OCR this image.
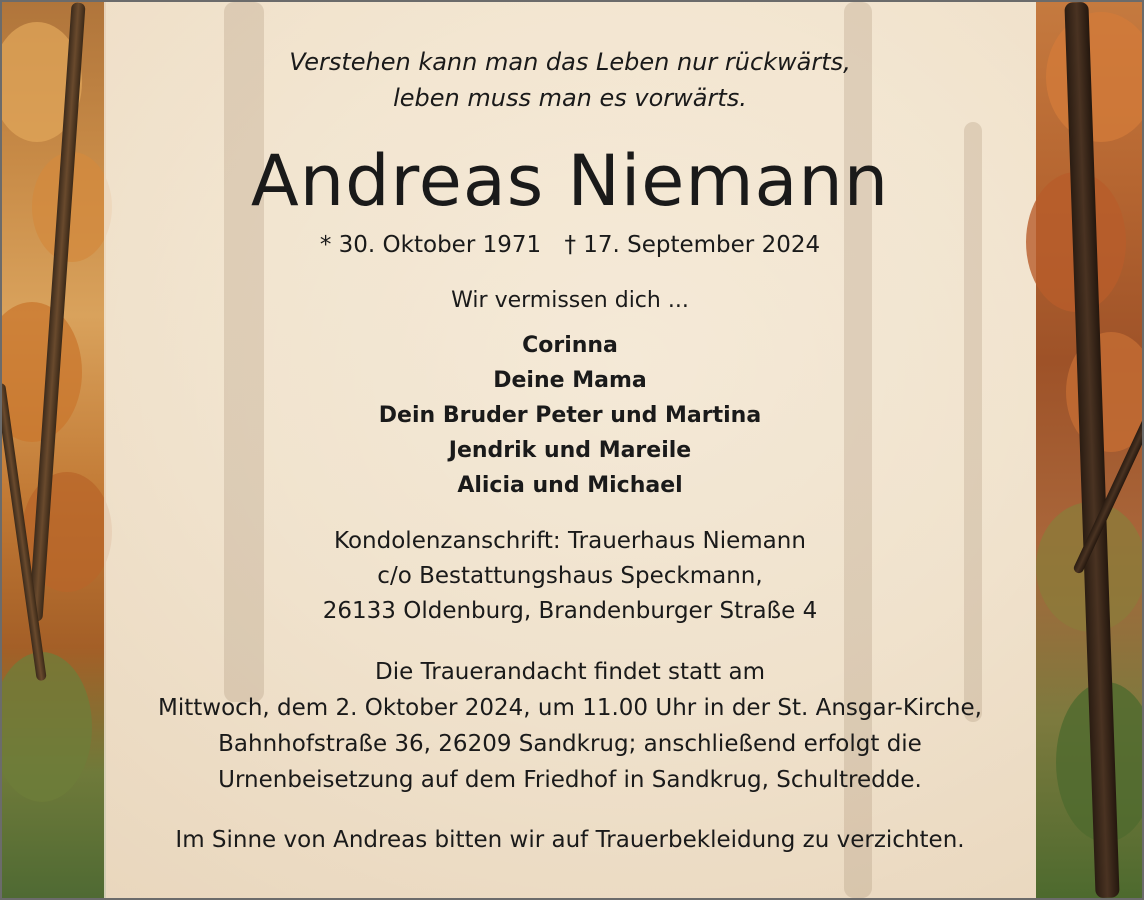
Verstehen kann man das Leben nur rückwärts,
leben muss man es vorwärts.
Andreas Niemann
* 30. Oktober 1971 † 17. September 2024
Wir vermissen dich ...
Corinna
Deine Mama
Dein Bruder Peter und Martina
Jendrik und Mareile
Alicia und Michael
Kondolenzanschrift: Trauerhaus Niemann
c/o Bestattungshaus Speckmann,
26133 Oldenburg, Brandenburger Straße 4
Die Trauerandacht findet statt am
Mittwoch, dem 2. Oktober 2024, um 11.00 Uhr in der St. Ansgar-Kirche,
Bahnhofstraße 36, 26209 Sandkrug; anschließend erfolgt die
Urnenbeisetzung auf dem Friedhof in Sandkrug, Schultredde.
Im Sinne von Andreas bitten wir auf Trauerbekleidung zu verzichten.
